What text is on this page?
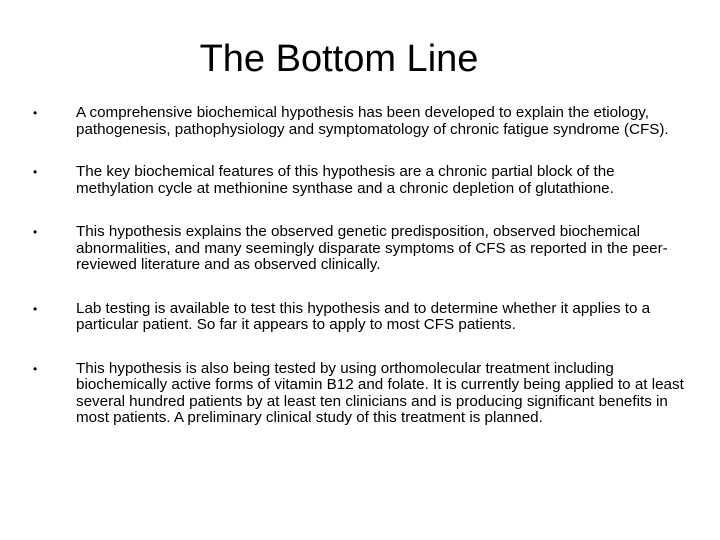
The Bottom Line
•	A comprehensive biochemical hypothesis has been developed to explain the etiology, pathogenesis, pathophysiology and symptomatology of chronic fatigue syndrome (CFS).
•	The key biochemical features of this hypothesis are a chronic partial block of the methylation cycle at methionine synthase and a chronic depletion of glutathione.
•	This hypothesis explains the observed genetic predisposition, observed biochemical abnormalities, and many seemingly disparate symptoms of CFS as reported in the peer-reviewed literature and as observed clinically.
•	Lab testing is available to test this hypothesis and to determine whether it applies to a particular patient. So far it appears to apply to most CFS patients.
•	This hypothesis is also being tested by using orthomolecular treatment including biochemically active forms of vitamin B12 and folate. It is currently being applied to at least several hundred patients by at least ten clinicians and is producing significant benefits in most patients. A preliminary clinical study of this treatment is planned.
